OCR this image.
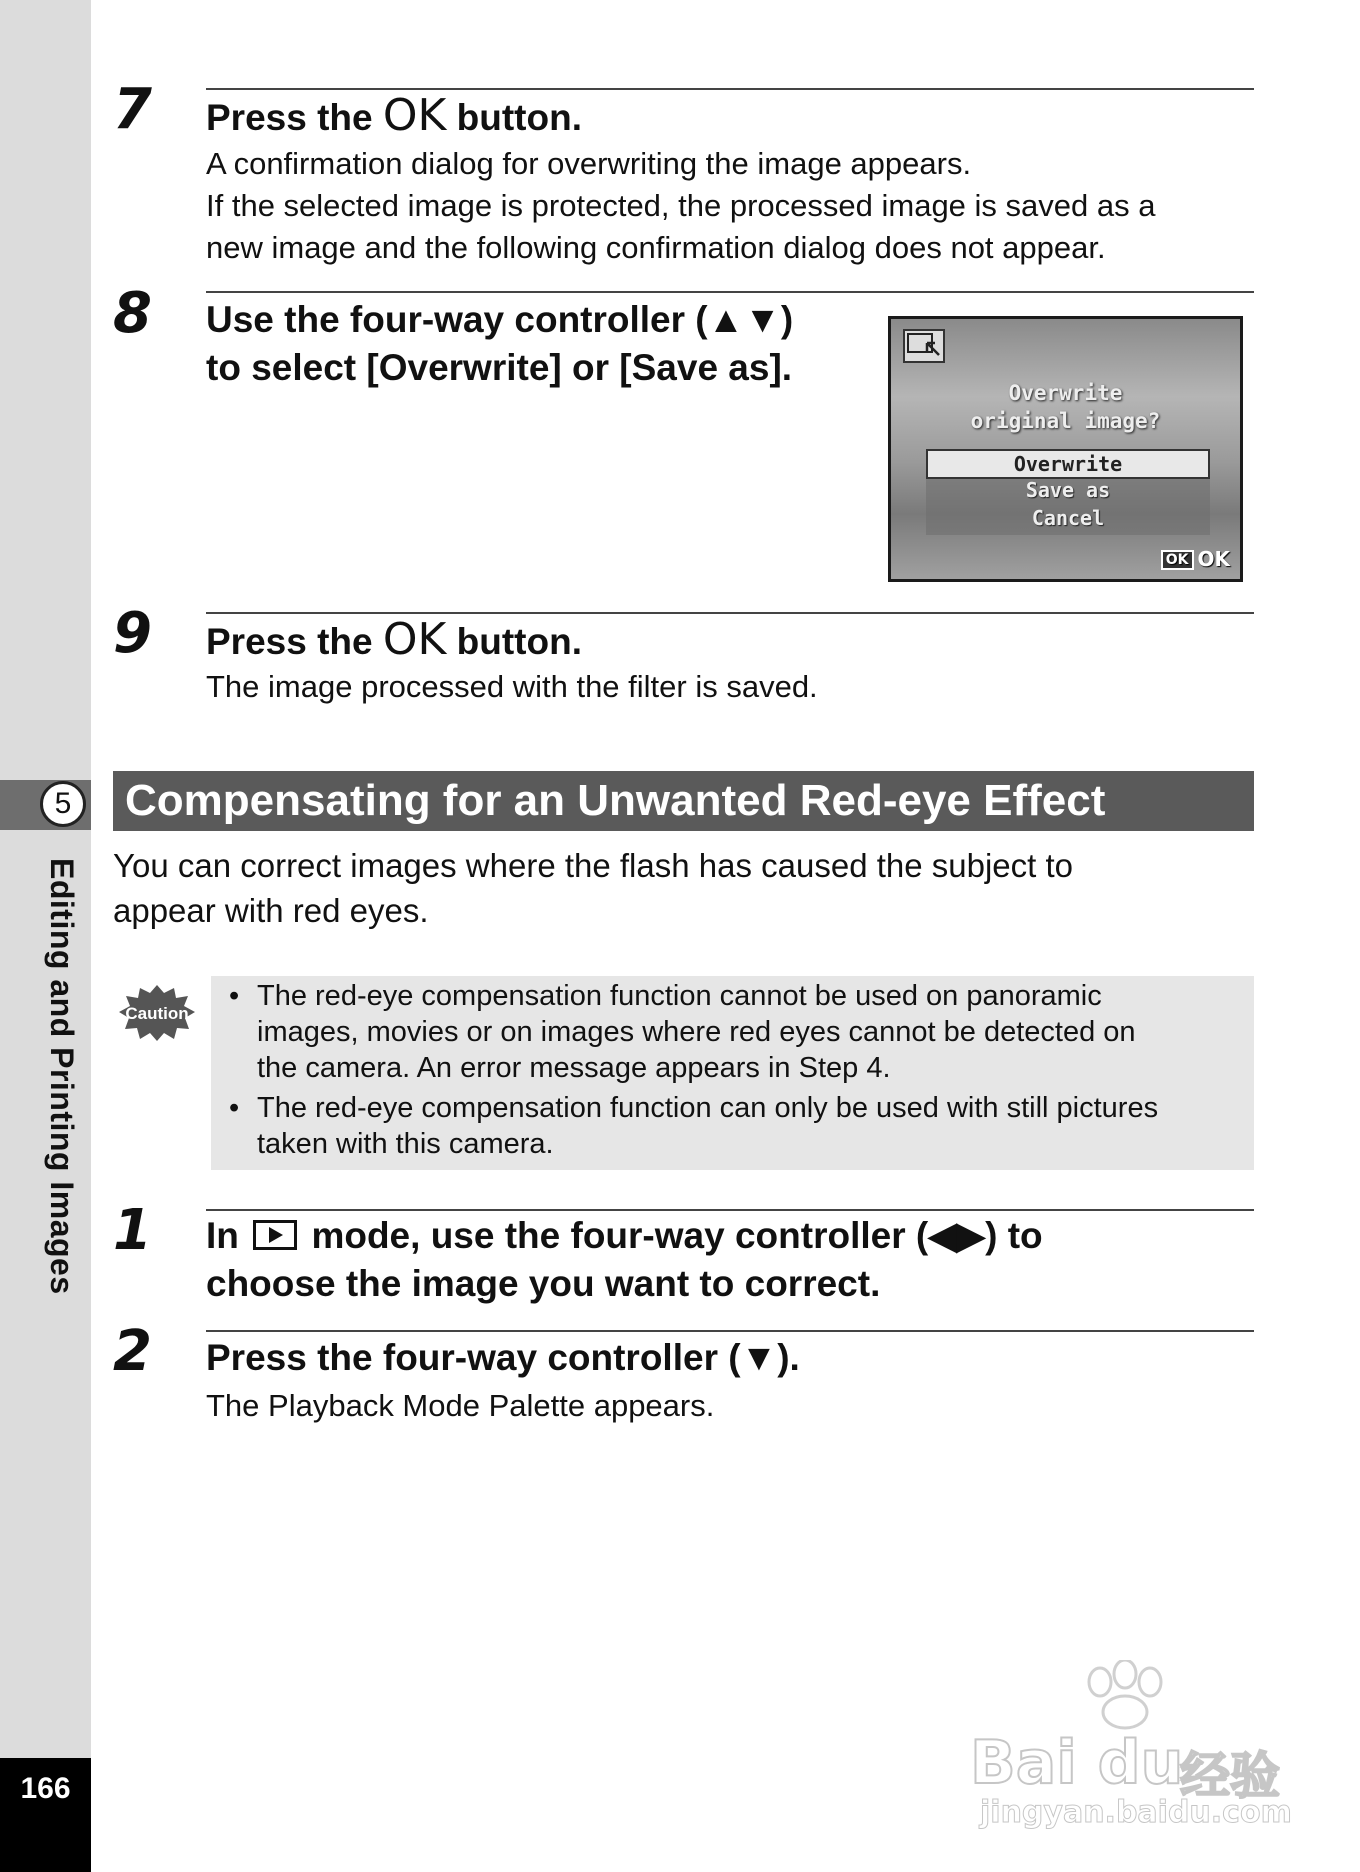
5
Editing and Printing Images
166
7 Press the OK button.
A confirmation dialog for overwriting the image appears.
If the selected image is protected, the processed image is saved as a
new image and the following confirmation dialog does not appear.
8 Use the four-way controller (▲▼)
to select [Overwrite] or [Save as].
Overwrite
original image?
Overwrite
Save as
Cancel
OK OK
9 Press the OK button.
The image processed with the filter is saved.
Compensating for an Unwanted Red-eye Effect
You can correct images where the flash has caused the subject to
appear with red eyes.
Caution
• The red-eye compensation function cannot be used on panoramic
images, movies or on images where red eyes cannot be detected on
the camera. An error message appears in Step 4.
• The red-eye compensation function can only be used with still pictures
taken with this camera.
1 In mode, use the four-way controller (◀▶) to
choose the image you want to correct.
2 Press the four-way controller (▼).
The Playback Mode Palette appears.
Bai du
经验
jingyan.baidu.com
